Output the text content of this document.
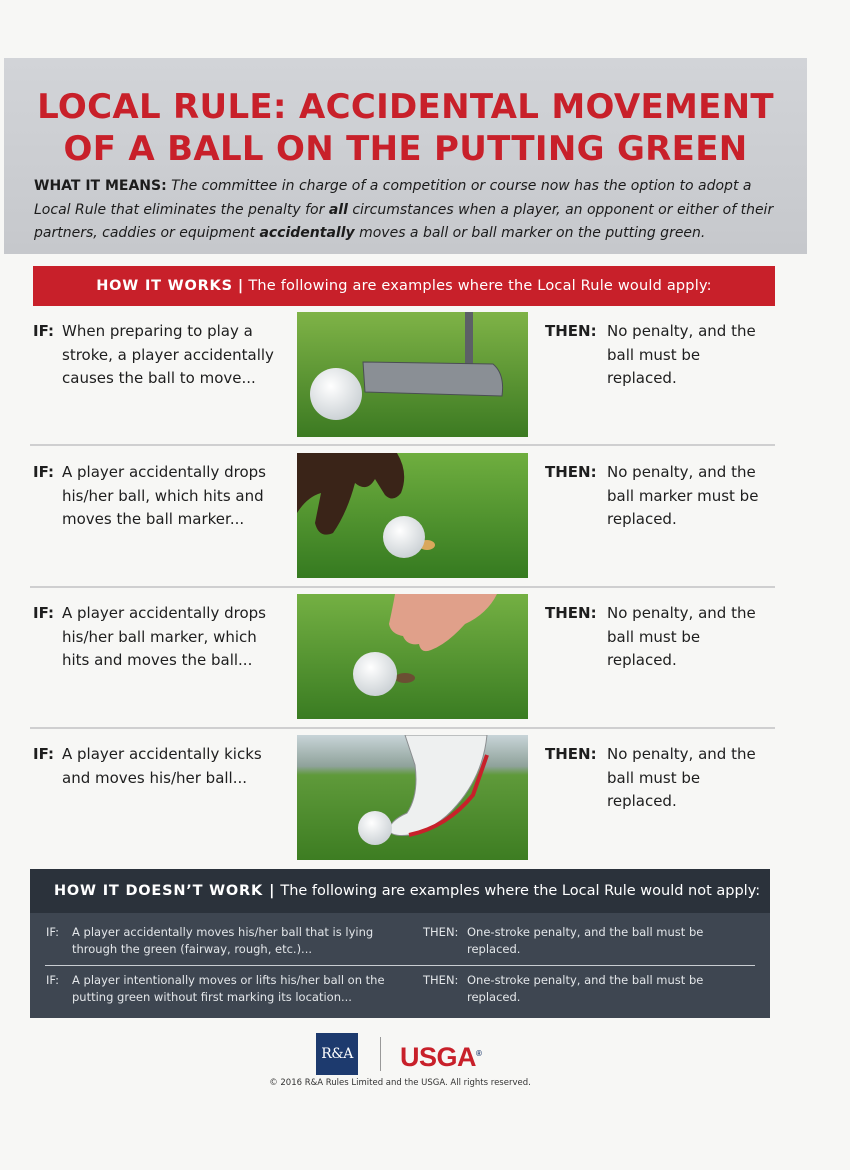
LOCAL RULE: ACCIDENTAL MOVEMENT
OF A BALL ON THE PUTTING GREEN
WHAT IT MEANS: The committee in charge of a competition or course now has the option to adopt a Local Rule that eliminates the penalty for all circumstances when a player, an opponent or either of their partners, caddies or equipment accidentally moves a ball or ball marker on the putting green.
HOW IT WORKS | The following are examples where the Local Rule would apply:
IF: When preparing to play a stroke, a player accidentally causes the ball to move...
THEN: No penalty, and the ball must be replaced.
IF: A player accidentally drops his/her ball, which hits and moves the ball marker...
THEN: No penalty, and the ball marker must be replaced.
IF: A player accidentally drops his/her ball marker, which hits and moves the ball...
THEN: No penalty, and the ball must be replaced.
IF: A player accidentally kicks and moves his/her ball...
THEN: No penalty, and the ball must be replaced.
HOW IT DOESN’T WORK | The following are examples where the Local Rule would not apply:
IF: A player accidentally moves his/her ball that is lying through the green (fairway, rough, etc.)...
THEN: One-stroke penalty, and the ball must be replaced.
IF: A player intentionally moves or lifts his/her ball on the putting green without first marking its location...
THEN: One-stroke penalty, and the ball must be replaced.
R&A USGA®
© 2016 R&A Rules Limited and the USGA. All rights reserved.
